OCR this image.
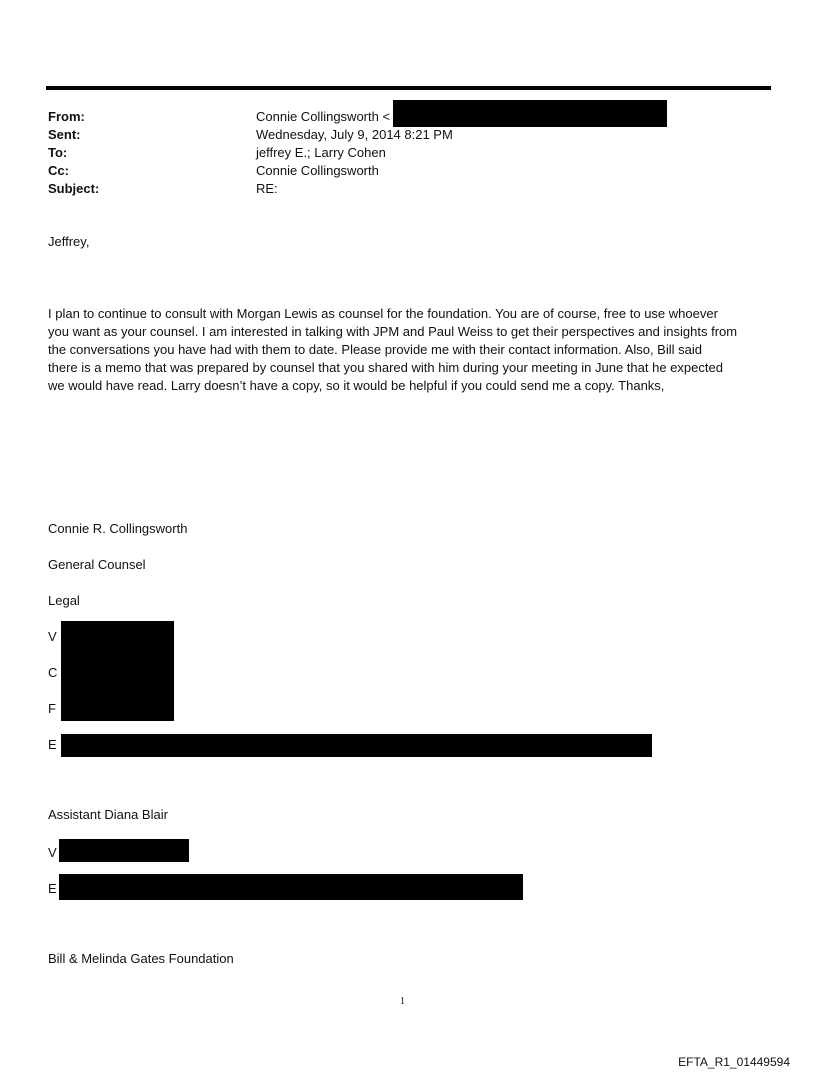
From:	Connie Collingsworth <
Sent:	Wednesday, July 9, 2014 8:21 PM
To:	jeffrey E.; Larry Cohen
Cc:	Connie Collingsworth
Subject:	RE:
Jeffrey,
I plan to continue to consult with Morgan Lewis as counsel for the foundation. You are of course, free to use whoever
you want as your counsel. I am interested in talking with JPM and Paul Weiss to get their perspectives and insights from
the conversations you have had with them to date. Please provide me with their contact information. Also, Bill said
there is a memo that was prepared by counsel that you shared with him during your meeting in June that he expected
we would have read. Larry doesn’t have a copy, so it would be helpful if you could send me a copy. Thanks,
Connie R. Collingsworth
General Counsel
Legal
V
C
F
E
Assistant Diana Blair
V
E
Bill & Melinda Gates Foundation
1
EFTA_R1_01449594
